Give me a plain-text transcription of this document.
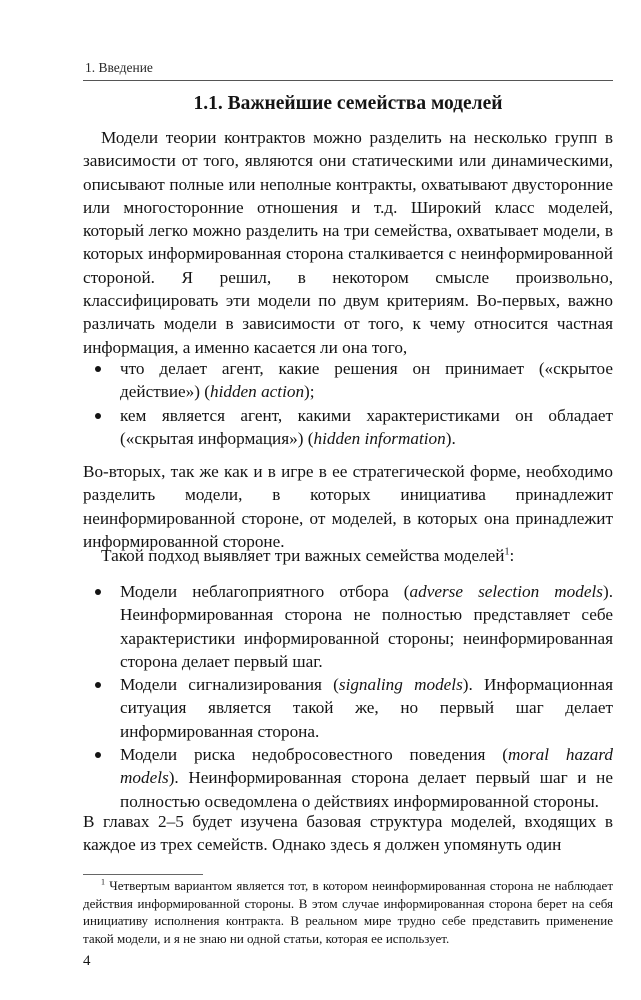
1. Введение
1.1. Важнейшие семейства моделей

Модели теории контрактов можно разделить на несколько групп в зависимости от того, являются они статическими или динамическими, описывают полные или неполные контракты, охватывают двусторонние или многосторонние отношения и т.д. Широкий класс моделей, который легко можно разделить на три семейства, охватывает модели, в которых информированная сторона сталкивается с неинформированной стороной. Я решил, в некотором смысле произвольно, классифицировать эти модели по двум критериям. Во-первых, важно различать модели в зависимости от того, к чему относится частная информация, а именно касается ли она того,

что делает агент, какие решения он принимает («скрытое действие») (hidden action);
кем является агент, какими характеристиками он обладает («скрытая информация») (hidden information).

Во-вторых, так же как и в игре в ее стратегической форме, необходимо разделить модели, в которых инициатива принадлежит неинформированной стороне, от моделей, в которых она принадлежит информированной стороне.

Такой подход выявляет три важных семейства моделей$^1$:

Модели неблагоприятного отбора (adverse selection models). Неинформированная сторона не полностью представляет себе характеристики информированной стороны; неинформированная сторона делает первый шаг.
Модели сигнализирования (signaling models). Информационная ситуация является такой же, но первый шаг делает информированная сторона.
Модели риска недобросовестного поведения (moral hazard models). Неинформированная сторона делает первый шаг и не полностью осведомлена о действиях информированной стороны.

В главах 2–5 будет изучена базовая структура моделей, входящих в каждое из трех семейств. Однако здесь я должен упомянуть один

$^1$ Четвертым вариантом является тот, в котором неинформированная сторона не наблюдает действия информированной стороны. В этом случае информированная сторона берет на себя инициативу исполнения контракта. В реальном мире трудно себе представить применение такой модели, и я не знаю ни одной статьи, которая ее использует.

4
